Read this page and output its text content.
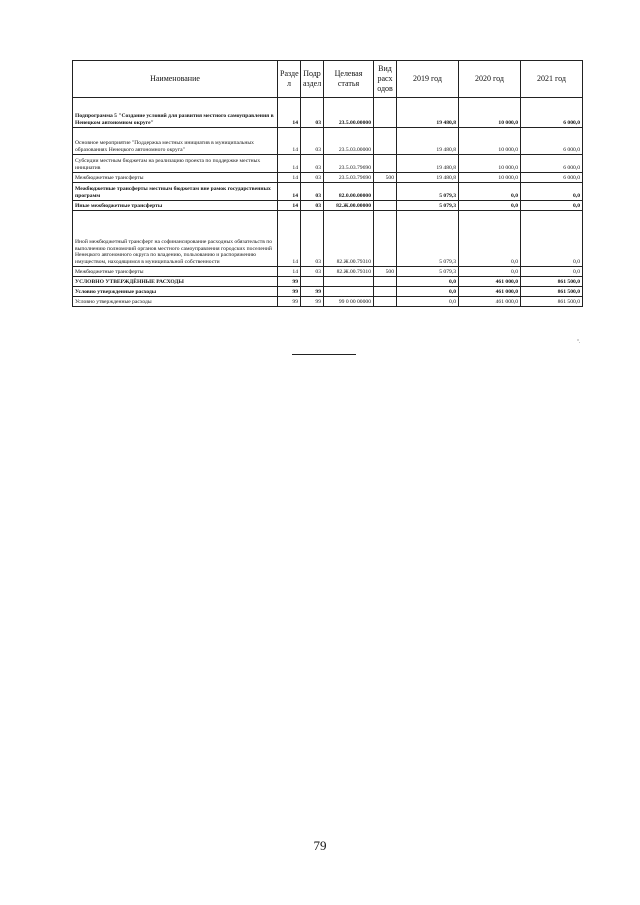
Наименование	Разде л	Подр аздел	Целевая статья	Вид расх одов	2019 год	2020 год	2021 год
Подпрограмма 5 "Создание условий для развития местного самоуправления в Ненецком автономном округе"	14	03	23.5.00.00000		19 480,8	10 000,0	6 000,0
Основное мероприятие "Поддержка местных инициатив в муниципальных образованиях Ненецкого автономного округа"	14	03	23.5.03.00000		19 480,8	10 000,0	6 000,0
Субсидии местным бюджетам на реализацию проекта по поддержке местных инициатив	14	03	23.5.03.79690		19 480,8	10 000,0	6 000,0
Межбюджетные трансферты	14	03	23.5.03.79690	500	19 480,8	10 000,0	6 000,0
Межбюджетные трансферты местным бюджетам вне рамок государственных программ	14	03	82.0.00.00000		5 079,3	0,0	0,0
Иные межбюджетные трансферты	14	03	82.Ж.00.00000		5 079,3	0,0	0,0
Иной межбюджетный трансферт на софинансирование расходных обязательств по выполнению полномочий органов местного самоуправления городских поселений Ненецкого автономного округа по владению, пользованию и распоряжению имуществом, находящимся в муниципальной собственности	14	03	82.Ж.00.79310		5 079,3	0,0	0,0
Межбюджетные трансферты	14	03	82.Ж.00.79310	500	5 079,3	0,0	0,0
УСЛОВНО УТВЕРЖДЁННЫЕ РАСХОДЫ	99				0,0	461 000,0	861 500,0
Условно утвержденные расходы	99	99			0,0	461 000,0	861 500,0
Условно утвержденные расходы	99	99	99 0 00 00000		0,0	461 000,0	861 500,0
".
79
